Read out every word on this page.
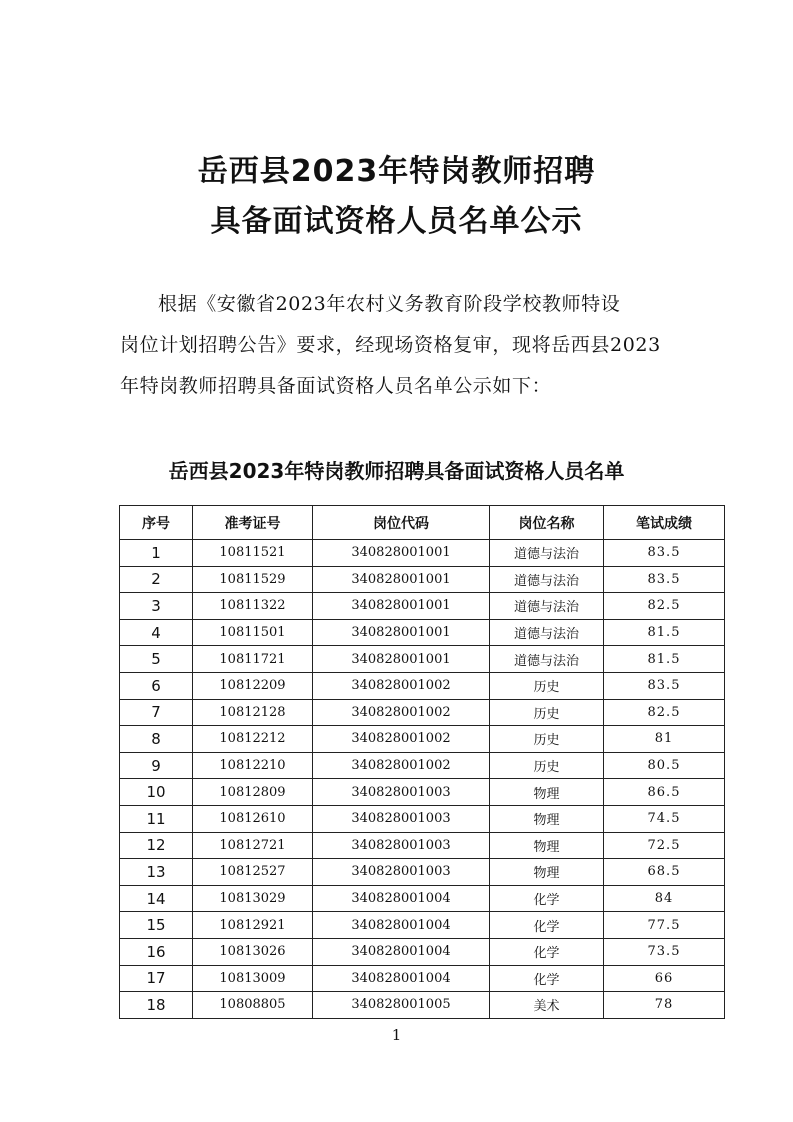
岳西县2023年特岗教师招聘
具备面试资格人员名单公示
根据《安徽省2023年农村义务教育阶段学校教师特设
岗位计划招聘公告》要求，经现场资格复审，现将岳西县2023
年特岗教师招聘具备面试资格人员名单公示如下：
岳西县2023年特岗教师招聘具备面试资格人员名单
序号	准考证号	岗位代码	岗位名称	笔试成绩
1	10811521	340828001001	道德与法治	83.5
2	10811529	340828001001	道德与法治	83.5
3	10811322	340828001001	道德与法治	82.5
4	10811501	340828001001	道德与法治	81.5
5	10811721	340828001001	道德与法治	81.5
6	10812209	340828001002	历史	83.5
7	10812128	340828001002	历史	82.5
8	10812212	340828001002	历史	81
9	10812210	340828001002	历史	80.5
10	10812809	340828001003	物理	86.5
11	10812610	340828001003	物理	74.5
12	10812721	340828001003	物理	72.5
13	10812527	340828001003	物理	68.5
14	10813029	340828001004	化学	84
15	10812921	340828001004	化学	77.5
16	10813026	340828001004	化学	73.5
17	10813009	340828001004	化学	66
18	10808805	340828001005	美术	78
1
